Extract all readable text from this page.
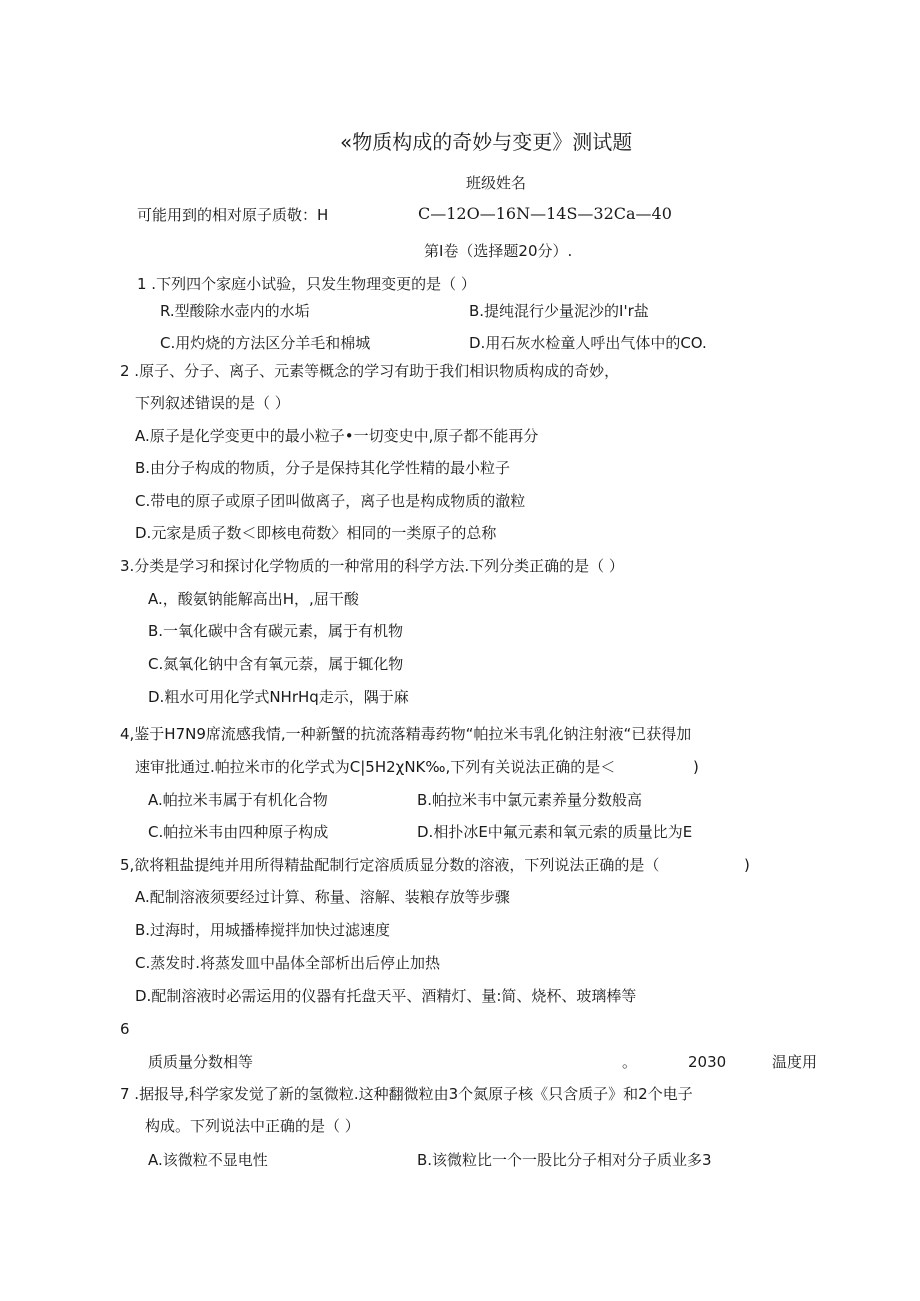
«物质构成的奇妙与变更》测试题
班级姓名
可能用到的相对原子质敬：H	C—12O—16N—14S—32Ca—40
第I卷（选择题20分）.
1 .下列四个家庭小试验，只发生物理变更的是（ ）
R.型酸除水壶内的水垢	B.提纯混行少量泥沙的I'r盐
C.用灼烧的方法区分羊毛和棉城	D.用石灰水检童人呼出气体中的CO.
2 .原子、分子、离子、元素等概念的学习有助于我们相识物质构成的奇妙，
下列叙述错误的是（ ）
A.原子是化学变更中的最小粒子•一切变史中,原子都不能再分
B.由分子构成的物质，分子是保持其化学性精的最小粒子
C.带电的原子或原子团叫做离子，离子也是构成物质的澈粒
D.元家是质子数＜即核电荷数〉相同的一类原子的总称
3.分类是学习和探讨化学物质的一种常用的科学方法.下列分类正确的是（ ）
A.，酸氨钠能解高出H，,屈干酸
B.一氧化碳中含有碳元素，属于有机物
C.氮氧化钠中含有氧元萘，属于辄化物
D.粗水可用化学式NHrHq走示，隅于麻
4,鉴于H7N9席流感我情,一种新蟹的抗流落精毒药物“帕拉米韦乳化钠注射液“已获得加
速审批通过.帕拉米市的化学式为C|5H2χNK‰,下列有关说法正确的是＜	)
A.帕拉米韦属于有机化合物	B.帕拉米韦中氯元素养量分数般高
C.帕拉米韦由四种原子构成	D.相扑冰E中氟元素和氧元索的质量比为E
5,欲将粗盐提纯并用所得精盐配制行定溶质质显分数的溶液，下列说法正确的是（	)
A.配制溶液须要经过计算、称量、溶解、装粮存放等步骤
B.过海时，用城播棒搅拌加快过滤速度
C.蒸发时.将蒸发皿中晶体全部析出后停止加热
D.配制溶液时必需运用的仪器有托盘天平、酒精灯、量:简、烧杯、玻璃棒等
6
质质量分数相等	。	2030	温度用
7 .据报导,科学家发觉了新的氢微粒.这种翻微粒由3个氮原子核《只含质子》和2个电子
构成。下列说法中正确的是（ ）
A.该微粒不显电性	B.该微粒比一个一股比分子相对分子质业多3
